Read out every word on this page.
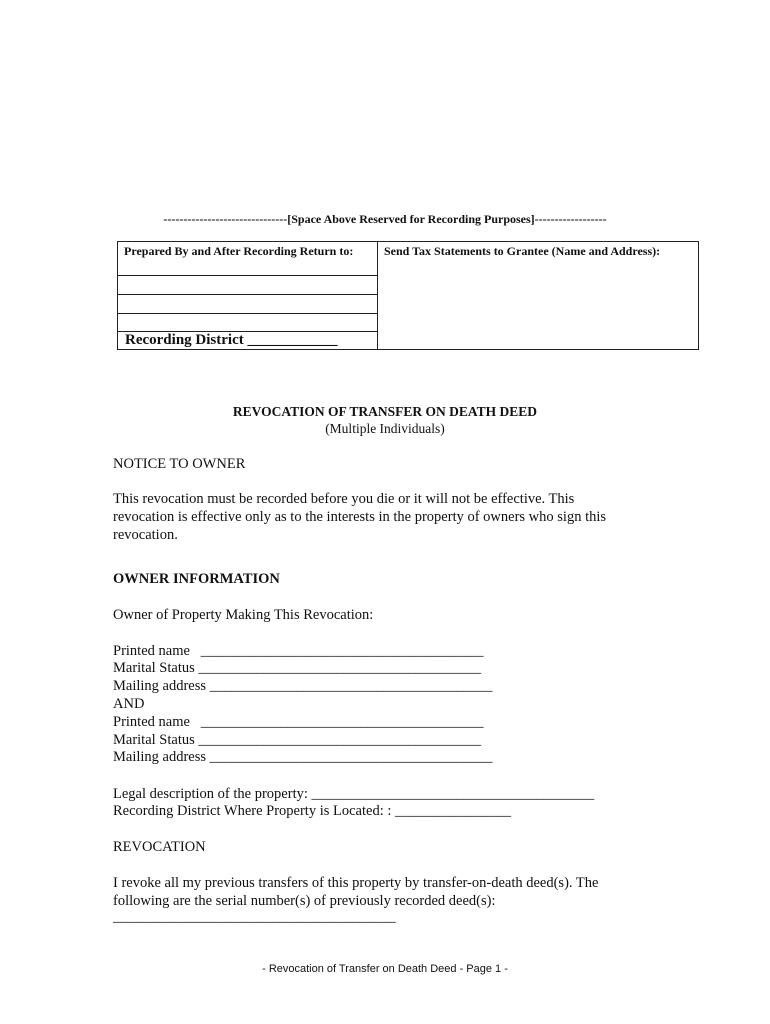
-------------------------------[Space Above Reserved for Recording Purposes]------------------
Prepared By and After Recording Return to:
Recording District ____________
Send Tax Statements to Grantee (Name and Address):
REVOCATION OF TRANSFER ON DEATH DEED
(Multiple Individuals)
NOTICE TO OWNER
This revocation must be recorded before you die or it will not be effective. This
revocation is effective only as to the interests in the property of owners who sign this
revocation.
OWNER INFORMATION
Owner of Property Making This Revocation:
Printed name   _______________________________________
Marital Status _______________________________________
Mailing address _______________________________________
AND
Printed name   _______________________________________
Marital Status _______________________________________
Mailing address _______________________________________
Legal description of the property: _______________________________________
Recording District Where Property is Located: : ________________
REVOCATION
I revoke all my previous transfers of this property by transfer-on-death deed(s). The
following are the serial number(s) of previously recorded deed(s):
_______________________________________
- Revocation of Transfer on Death Deed - Page 1 -
